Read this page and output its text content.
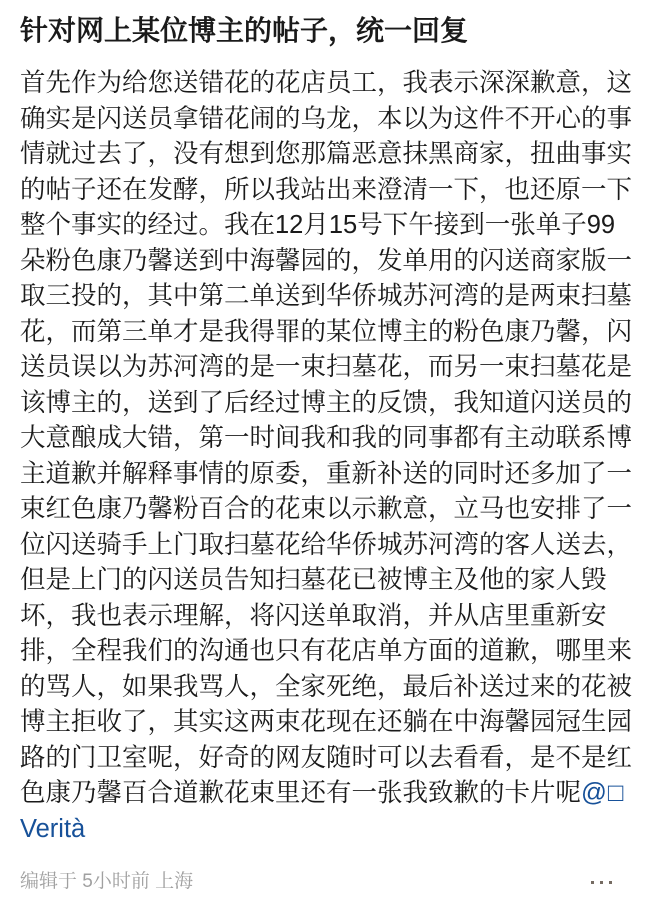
针对网上某位博主的帖子，统一回复

首先作为给您送错花的花店员工，我表示深深歉意，这确实是闪送员拿错花闹的乌龙，本以为这件不开心的事情就过去了，没有想到您那篇恶意抹黑商家，扭曲事实的帖子还在发酵，所以我站出来澄清一下，也还原一下整个事实的经过。我在12月15号下午接到一张单子99朵粉色康乃馨送到中海馨园的，发单用的闪送商家版一取三投的，其中第二单送到华侨城苏河湾的是两束扫墓花，而第三单才是我得罪的某位博主的粉色康乃馨，闪送员误以为苏河湾的是一束扫墓花，而另一束扫墓花是该博主的，送到了后经过博主的反馈，我知道闪送员的大意酿成大错，第一时间我和我的同事都有主动联系博主道歉并解释事情的原委，重新补送的同时还多加了一束红色康乃馨粉百合的花束以示歉意，立马也安排了一位闪送骑手上门取扫墓花给华侨城苏河湾的客人送去，但是上门的闪送员告知扫墓花已被博主及他的家人毁坏，我也表示理解，将闪送单取消，并从店里重新安排，全程我们的沟通也只有花店单方面的道歉，哪里来的骂人，如果我骂人，全家死绝，最后补送过来的花被博主拒收了，其实这两束花现在还躺在中海馨园冠生园路的门卫室呢，好奇的网友随时可以去看看，是不是红色康乃馨百合道歉花束里还有一张我致歉的卡片呢@□Verità

编辑于 5小时前 上海
